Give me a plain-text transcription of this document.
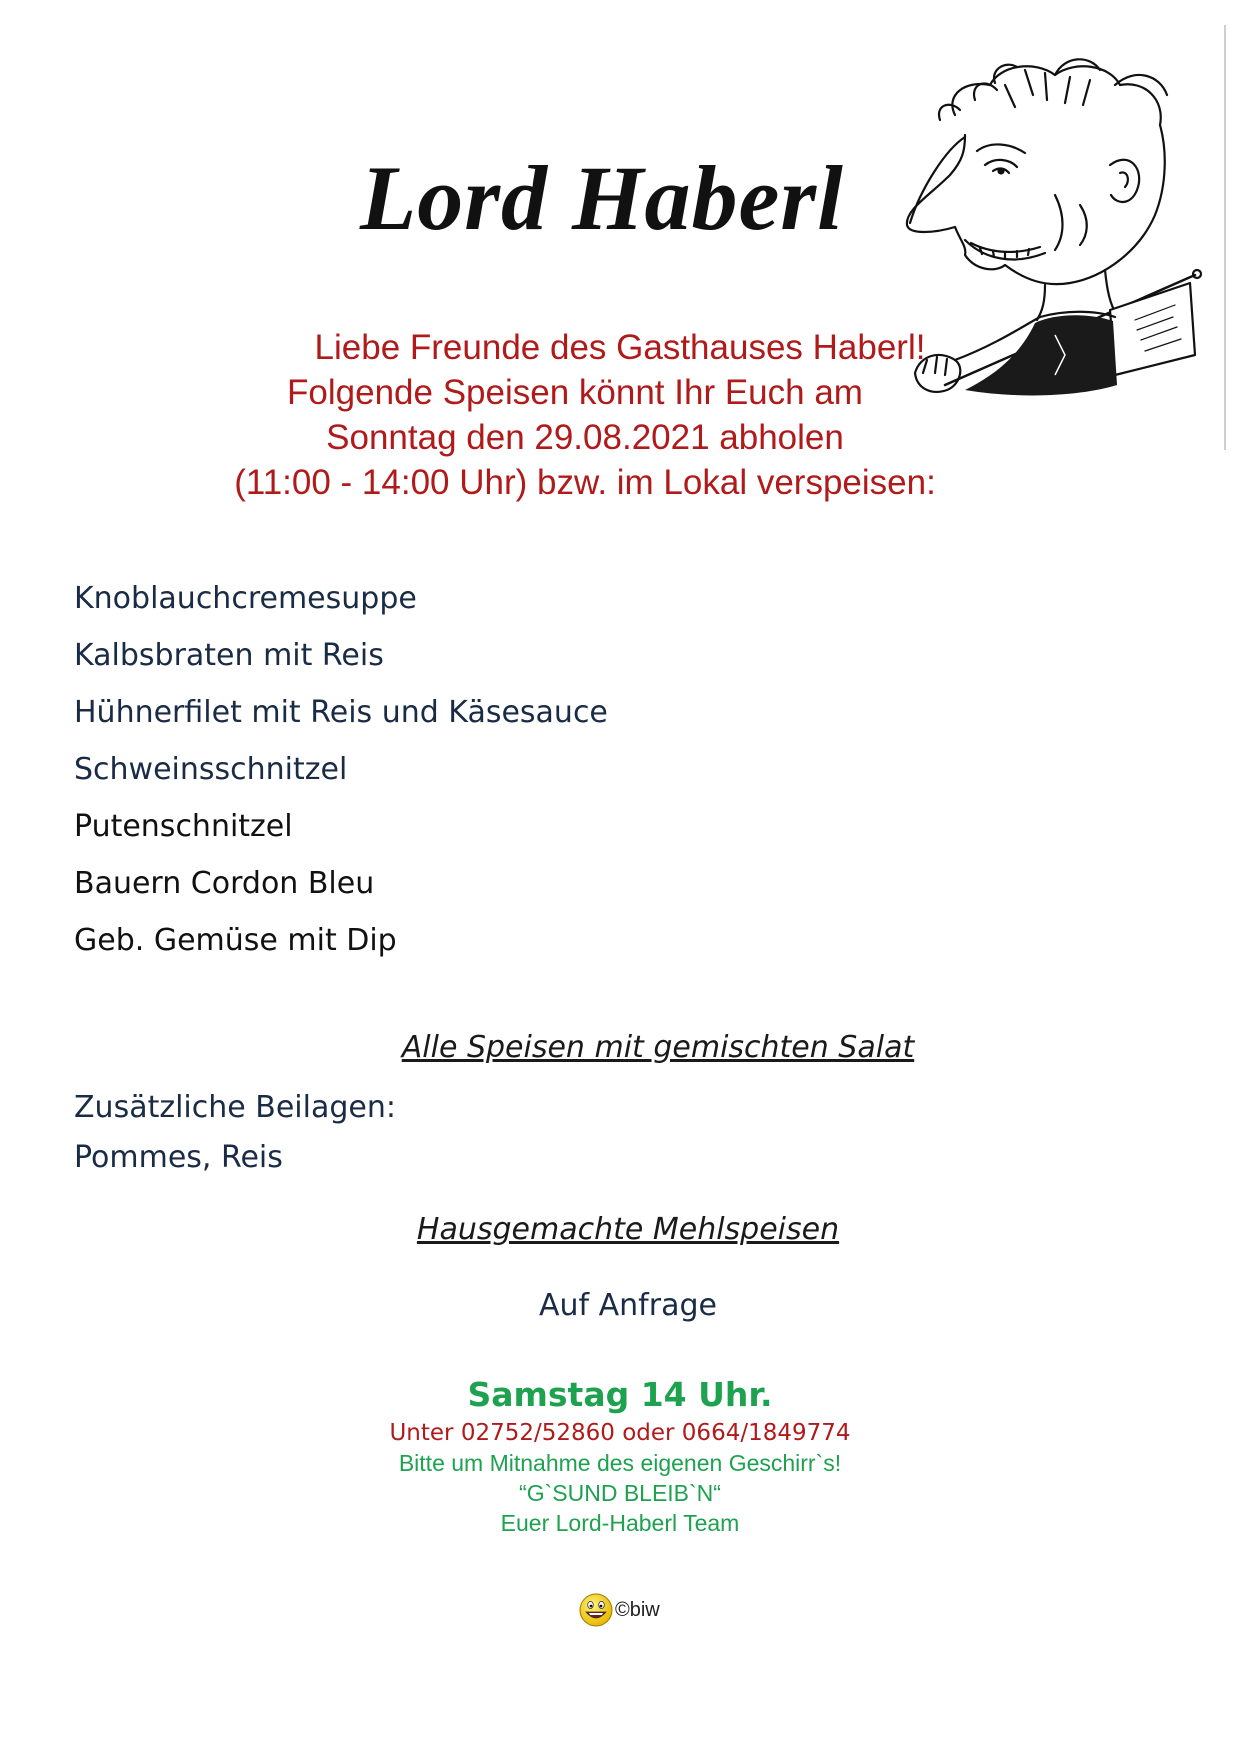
Lord Haberl
Liebe Freunde des Gasthauses Haberl!
Folgende Speisen könnt Ihr Euch am
Sonntag den 29.08.2021 abholen
(11:00 - 14:00 Uhr) bzw. im Lokal verspeisen:
Knoblauchcremesuppe
Kalbsbraten mit Reis
Hühnerfilet mit Reis und Käsesauce
Schweinsschnitzel
Putenschnitzel
Bauern Cordon Bleu
Geb. Gemüse mit Dip
Alle Speisen mit gemischten Salat
Zusätzliche Beilagen:
Pommes, Reis
Hausgemachte Mehlspeisen
Auf Anfrage
Samstag 14 Uhr.
Unter 02752/52860 oder 0664/1849774
Bitte um Mitnahme des eigenen Geschirr`s!
“G`SUND BLEIB`N“
Euer Lord-Haberl Team
©biw
